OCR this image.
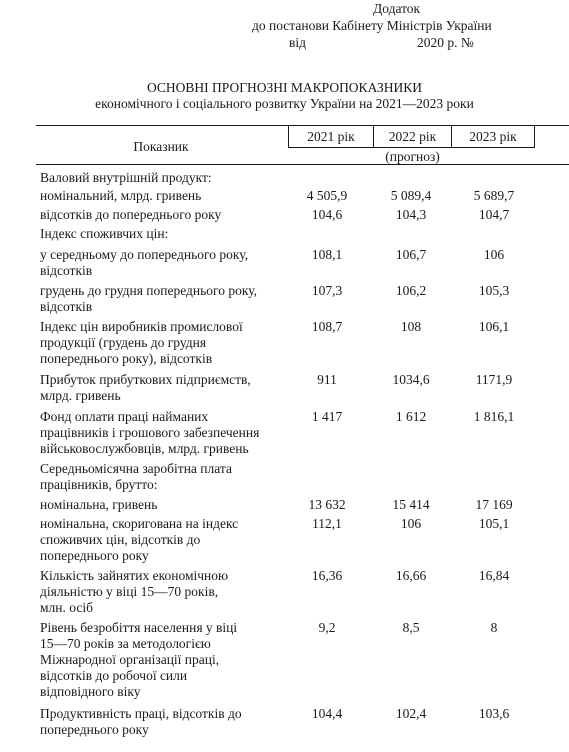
Додаток
до постанови Кабінету Міністрів України
від	2020 р. №
ОСНОВНІ ПРОГНОЗНІ МАКРОПОКАЗНИКИ
економічного і соціального розвитку України на 2021—2023 роки
Показник
2021 рік	2022 рік	2023 рік
(прогноз)
Валовий внутрішній продукт:
номінальний, млрд. гривень	4 505,9	5 089,4	5 689,7
відсотків до попереднього року	104,6	104,3	104,7
Індекс споживчих цін:
у середньому до попереднього року,
відсотків
108,1	106,7	106
грудень до грудня попереднього року,
відсотків
107,3	106,2	105,3
Індекс цін виробників промислової
продукції (грудень до грудня
попереднього року), відсотків
108,7	108	106,1
Прибуток прибуткових підприємств,
млрд. гривень
911	1034,6	1171,9
Фонд оплати праці найманих
працівників і грошового забезпечення
військовослужбовців, млрд. гривень
1 417	1 612	1 816,1
Середньомісячна заробітна плата
працівників, брутто:
номінальна, гривень	13 632	15 414	17 169
номінальна, скоригована на індекс
споживчих цін, відсотків до
попереднього року
112,1	106	105,1
Кількість зайнятих економічною
діяльністю у віці 15—70 років,
млн. осіб
16,36	16,66	16,84
Рівень безробіття населення у віці
15—70 років за методологією
Міжнародної організації праці,
відсотків до робочої сили
відповідного віку
9,2	8,5	8
Продуктивність праці, відсотків до
попереднього року
104,4	102,4	103,6
